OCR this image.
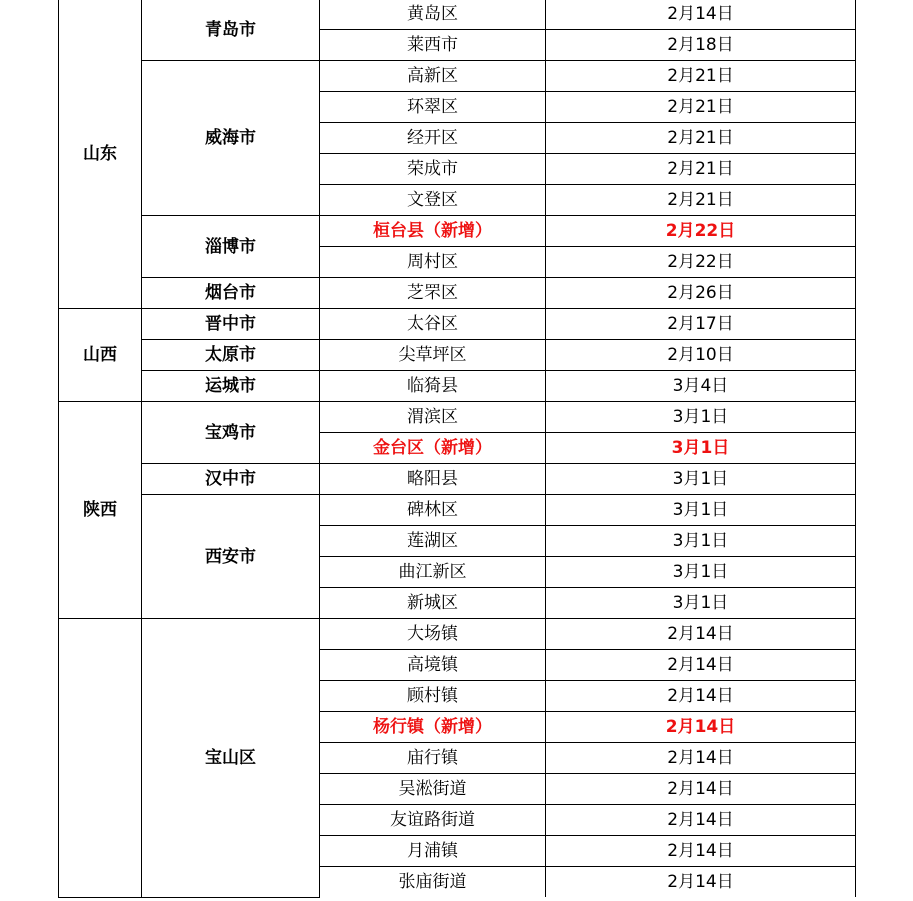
山东	青岛市	黄岛区	2月14日
		莱西市	2月18日
	威海市	高新区	2月21日
		环翠区	2月21日
		经开区	2月21日
		荣成市	2月21日
		文登区	2月21日
	淄博市	桓台县（新增）	2月22日
		周村区	2月22日
	烟台市	芝罘区	2月26日
山西	晋中市	太谷区	2月17日
	太原市	尖草坪区	2月10日
	运城市	临猗县	3月4日
陕西	宝鸡市	渭滨区	3月1日
		金台区（新增）	3月1日
	汉中市	略阳县	3月1日
	西安市	碑林区	3月1日
		莲湖区	3月1日
		曲江新区	3月1日
		新城区	3月1日
	宝山区	大场镇	2月14日
		高境镇	2月14日
		顾村镇	2月14日
		杨行镇（新增）	2月14日
		庙行镇	2月14日
		吴淞街道	2月14日
		友谊路街道	2月14日
		月浦镇	2月14日
		张庙街道	2月14日
